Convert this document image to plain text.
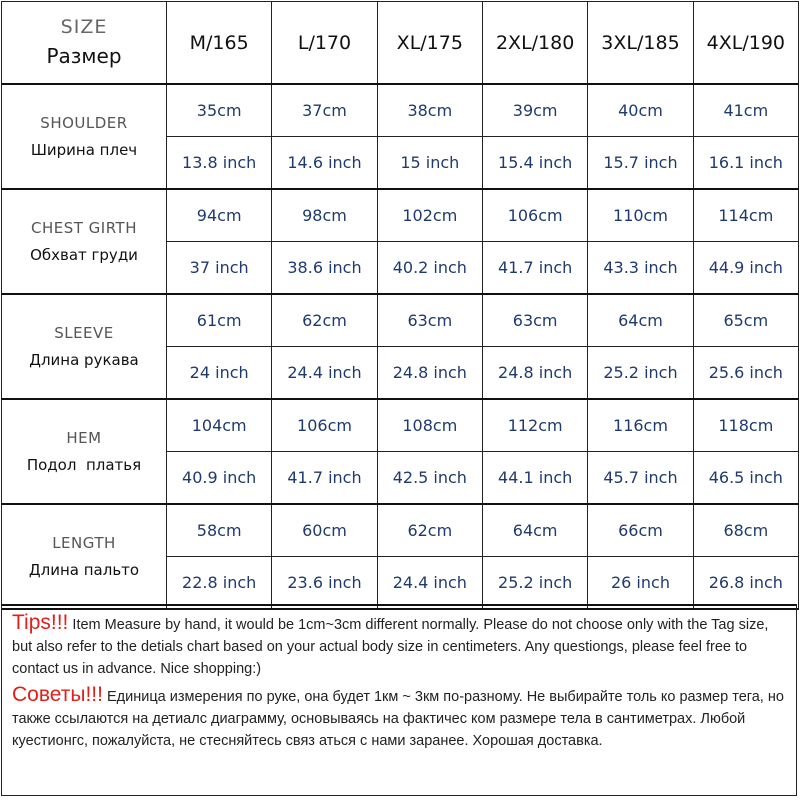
SIZE
Размер	M/165	L/170	XL/175	2XL/180	3XL/185	4XL/190

SHOULDER
Ширина плеч	35cm	37cm	38cm	39cm	40cm	41cm
	13.8 inch	14.6 inch	15 inch	15.4 inch	15.7 inch	16.1 inch

CHEST GIRTH
Обхват груди	94cm	98cm	102cm	106cm	110cm	114cm
	37 inch	38.6 inch	40.2 inch	41.7 inch	43.3 inch	44.9 inch

SLEEVE
Длина рукава	61cm	62cm	63cm	63cm	64cm	65cm
	24 inch	24.4 inch	24.8 inch	24.8 inch	25.2 inch	25.6 inch

HEM
Подол  платья	104cm	106cm	108cm	112cm	116cm	118cm
	40.9 inch	41.7 inch	42.5 inch	44.1 inch	45.7 inch	46.5 inch

LENGTH
Длина пальто	58cm	60cm	62cm	64cm	66cm	68cm
	22.8 inch	23.6 inch	24.4 inch	25.2 inch	26 inch	26.8 inch
Tips!!! Item Measure by hand, it would be 1cm~3cm different normally. Please do not choose only with the Tag size, but also refer to the detials chart based on your actual body size in centimeters. Any questiongs, please feel free to contact us in advance. Nice shopping:)
Советы!!! Единица измерения по руке, она будет 1км ~ 3км по-разному. Не выбирайте толь ко размер тега, но также ссылаются на детиалс диаграмму, основываясь на фактичес ком размере тела в сантиметрах. Любой куестионгс, пожалуйста, не стесняйтесь связ аться с нами заранее. Хорошая доставка.
